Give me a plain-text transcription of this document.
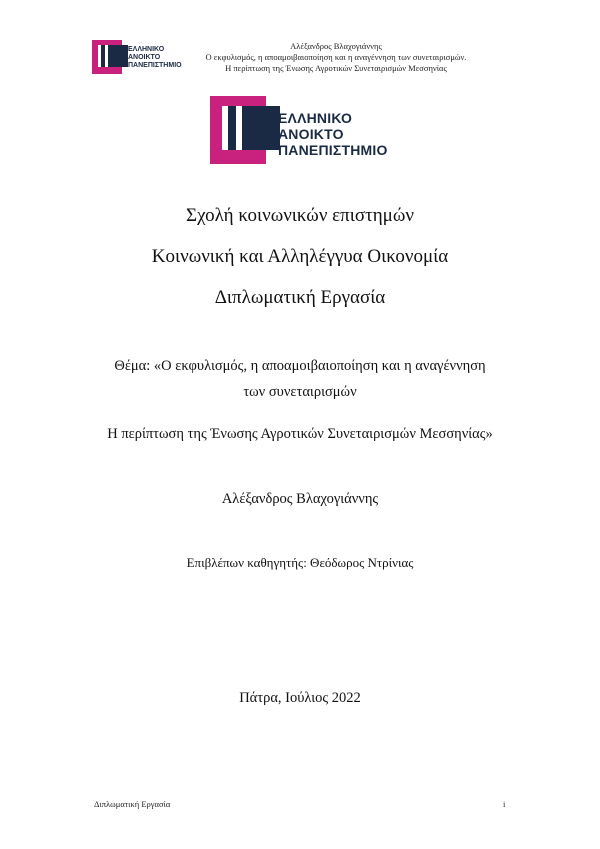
ΕΛΛΗΝΙΚΟ
ΑΝΟΙΚΤΟ
ΠΑΝΕΠΙΣΤΗΜΙΟ
Αλέξανδρος Βλαχογιάννης
Ο εκφυλισμός, η αποαμοιβαιοποίηση και η αναγέννηση των συνεταιρισμών.
Η περίπτωση της Ένωσης Αγροτικών Συνεταιρισμών Μεσσηνίας
ΕΛΛΗΝΙΚΟ
ΑΝΟΙΚΤΟ
ΠΑΝΕΠΙΣΤΗΜΙΟ
Σχολή κοινωνικών επιστημών
Κοινωνική και Αλληλέγγυα Οικονομία
Διπλωματική Εργασία
Θέμα: «Ο εκφυλισμός, η αποαμοιβαιοποίηση και η αναγέννηση
των συνεταιρισμών
Η περίπτωση της Ένωσης Αγροτικών Συνεταιρισμών Μεσσηνίας»
Αλέξανδρος Βλαχογιάννης
Επιβλέπων καθηγητής: Θεόδωρος Ντρίνιας
Πάτρα, Ιούλιος 2022
Διπλωματική Εργασία	i
